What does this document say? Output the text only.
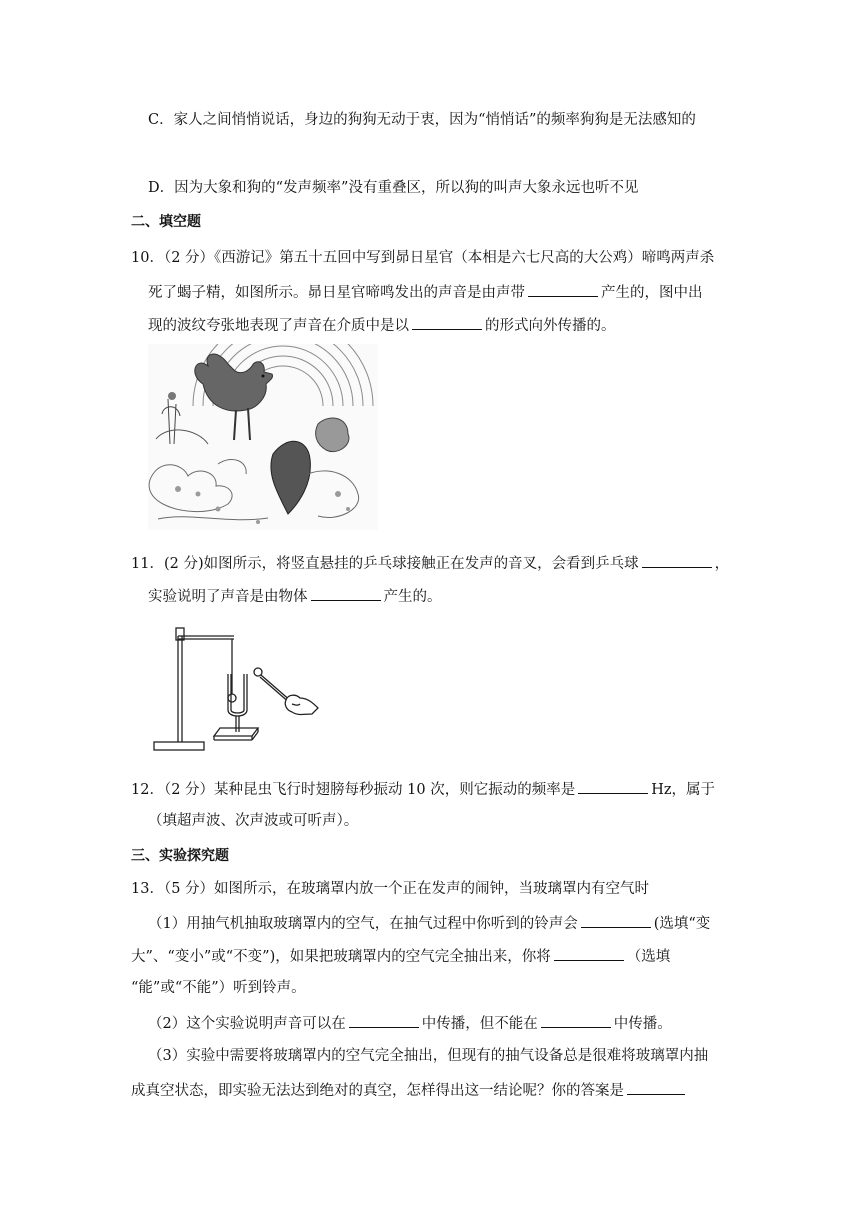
C．家人之间悄悄说话，身边的狗狗无动于衷，因为“悄悄话”的频率狗狗是无法感知的
D．因为大象和狗的“发声频率”没有重叠区，所以狗的叫声大象永远也听不见
二、填空题
10．（2 分）《西游记》第五十五回中写到昴日星官（本相是六七尺高的大公鸡）啼鸣两声杀
死了蝎子精，如图所示。昴日星官啼鸣发出的声音是由声带	产生的，图中出
现的波纹夸张地表现了声音在介质中是以	的形式向外传播的。
11．(2 分)如图所示，将竖直悬挂的乒乓球接触正在发声的音叉，会看到乒乓球	，
实验说明了声音是由物体	产生的。
12．（2 分）某种昆虫飞行时翅膀每秒振动 10 次，则它振动的频率是	Hz，属于
（填超声波、次声波或可听声）。
三、实验探究题
13．（5 分）如图所示，在玻璃罩内放一个正在发声的闹钟，当玻璃罩内有空气时
（1）用抽气机抽取玻璃罩内的空气，在抽气过程中你听到的铃声会	(选填“变
大”、“变小”或“不变”)，如果把玻璃罩内的空气完全抽出来，你将	（选填
“能”或“不能”）听到铃声。
（2）这个实验说明声音可以在	中传播，但不能在	中传播。
（3）实验中需要将玻璃罩内的空气完全抽出，但现有的抽气设备总是很难将玻璃罩内抽
成真空状态，即实验无法达到绝对的真空，怎样得出这一结论呢？你的答案是
